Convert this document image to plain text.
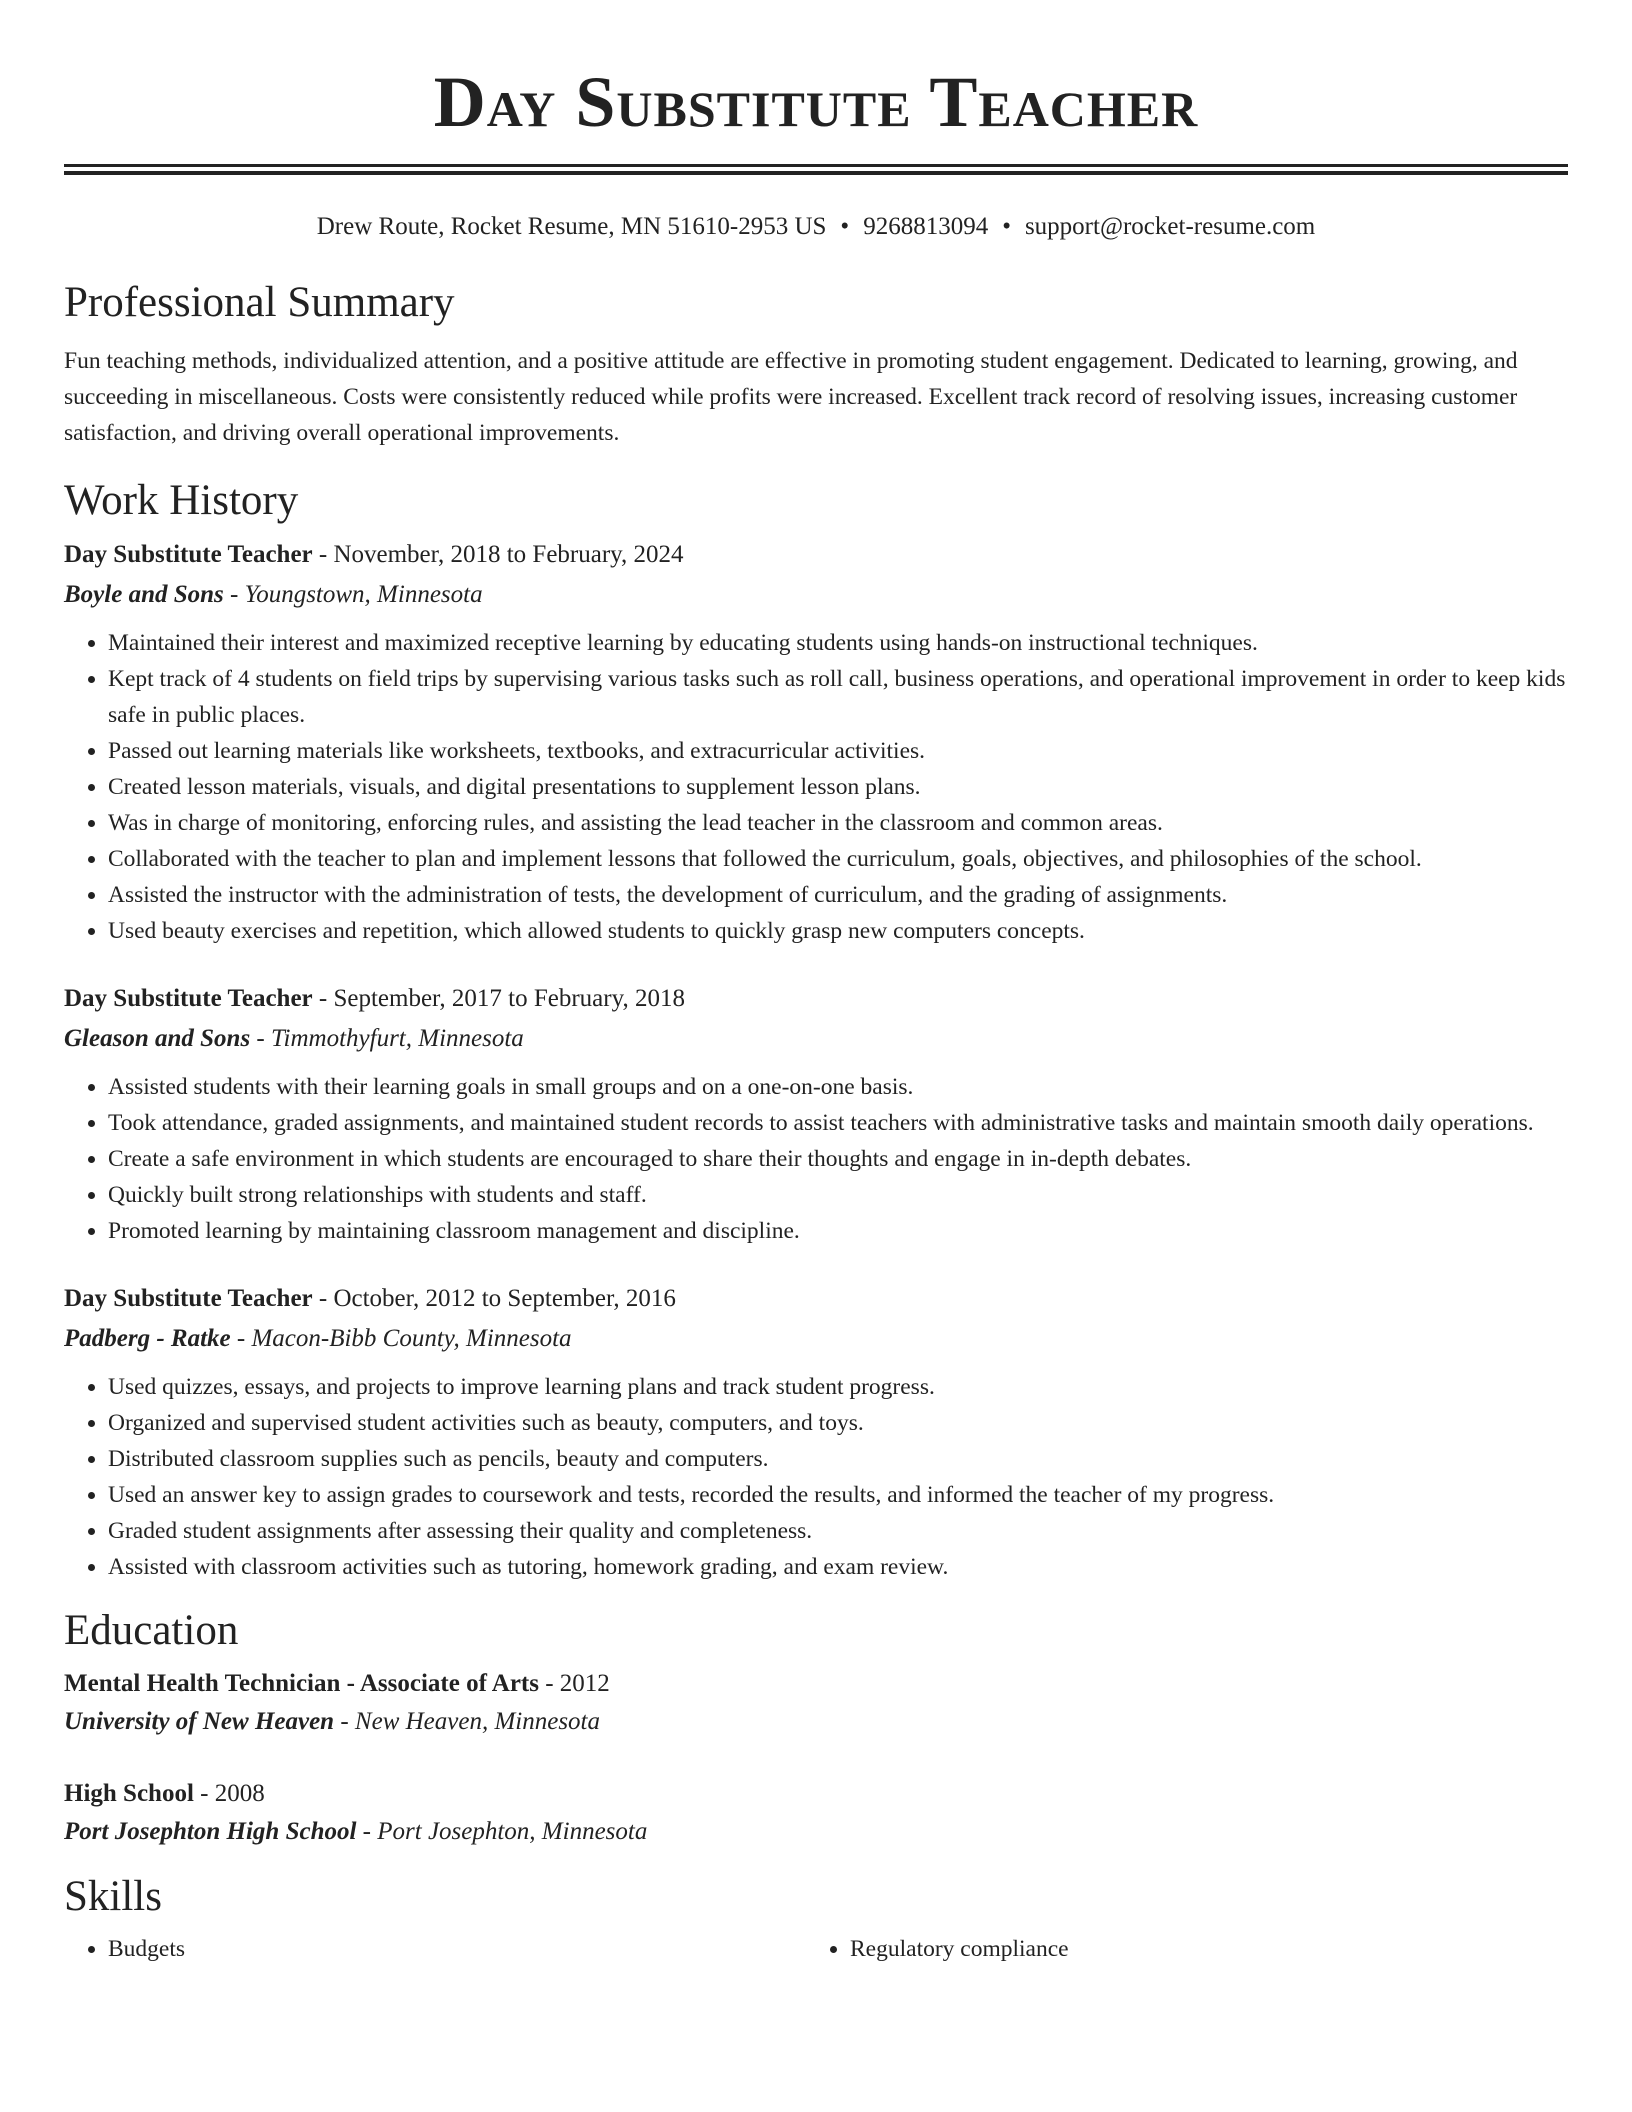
Day Substitute Teacher
Drew Route, Rocket Resume, MN 51610-2953 US • 9268813094 • support@rocket-resume.com
Professional Summary

Fun teaching methods, individualized attention, and a positive attitude are effective in promoting student engagement. Dedicated to learning, growing, and succeeding in miscellaneous. Costs were consistently reduced while profits were increased. Excellent track record of resolving issues, increasing customer satisfaction, and driving overall operational improvements.

Work History

Day Substitute Teacher - November, 2018 to February, 2024

Boyle and Sons - Youngstown, Minnesota

• Maintained their interest and maximized receptive learning by educating students using hands-on instructional techniques.
• Kept track of 4 students on field trips by supervising various tasks such as roll call, business operations, and operational improvement in order to keep kids safe in public places.
• Passed out learning materials like worksheets, textbooks, and extracurricular activities.
• Created lesson materials, visuals, and digital presentations to supplement lesson plans.
• Was in charge of monitoring, enforcing rules, and assisting the lead teacher in the classroom and common areas.
• Collaborated with the teacher to plan and implement lessons that followed the curriculum, goals, objectives, and philosophies of the school.
• Assisted the instructor with the administration of tests, the development of curriculum, and the grading of assignments.
• Used beauty exercises and repetition, which allowed students to quickly grasp new computers concepts.

Day Substitute Teacher - September, 2017 to February, 2018

Gleason and Sons - Timmothyfurt, Minnesota

• Assisted students with their learning goals in small groups and on a one-on-one basis.
• Took attendance, graded assignments, and maintained student records to assist teachers with administrative tasks and maintain smooth daily operations.
• Create a safe environment in which students are encouraged to share their thoughts and engage in in-depth debates.
• Quickly built strong relationships with students and staff.
• Promoted learning by maintaining classroom management and discipline.

Day Substitute Teacher - October, 2012 to September, 2016

Padberg - Ratke - Macon-Bibb County, Minnesota

• Used quizzes, essays, and projects to improve learning plans and track student progress.
• Organized and supervised student activities such as beauty, computers, and toys.
• Distributed classroom supplies such as pencils, beauty and computers.
• Used an answer key to assign grades to coursework and tests, recorded the results, and informed the teacher of my progress.
• Graded student assignments after assessing their quality and completeness.
• Assisted with classroom activities such as tutoring, homework grading, and exam review.
Education

Mental Health Technician - Associate of Arts - 2012

University of New Heaven - New Heaven, Minnesota

High School - 2008

Port Josephton High School - Port Josephton, Minnesota

Skills
• Budgets
•	Regulatory compliance
